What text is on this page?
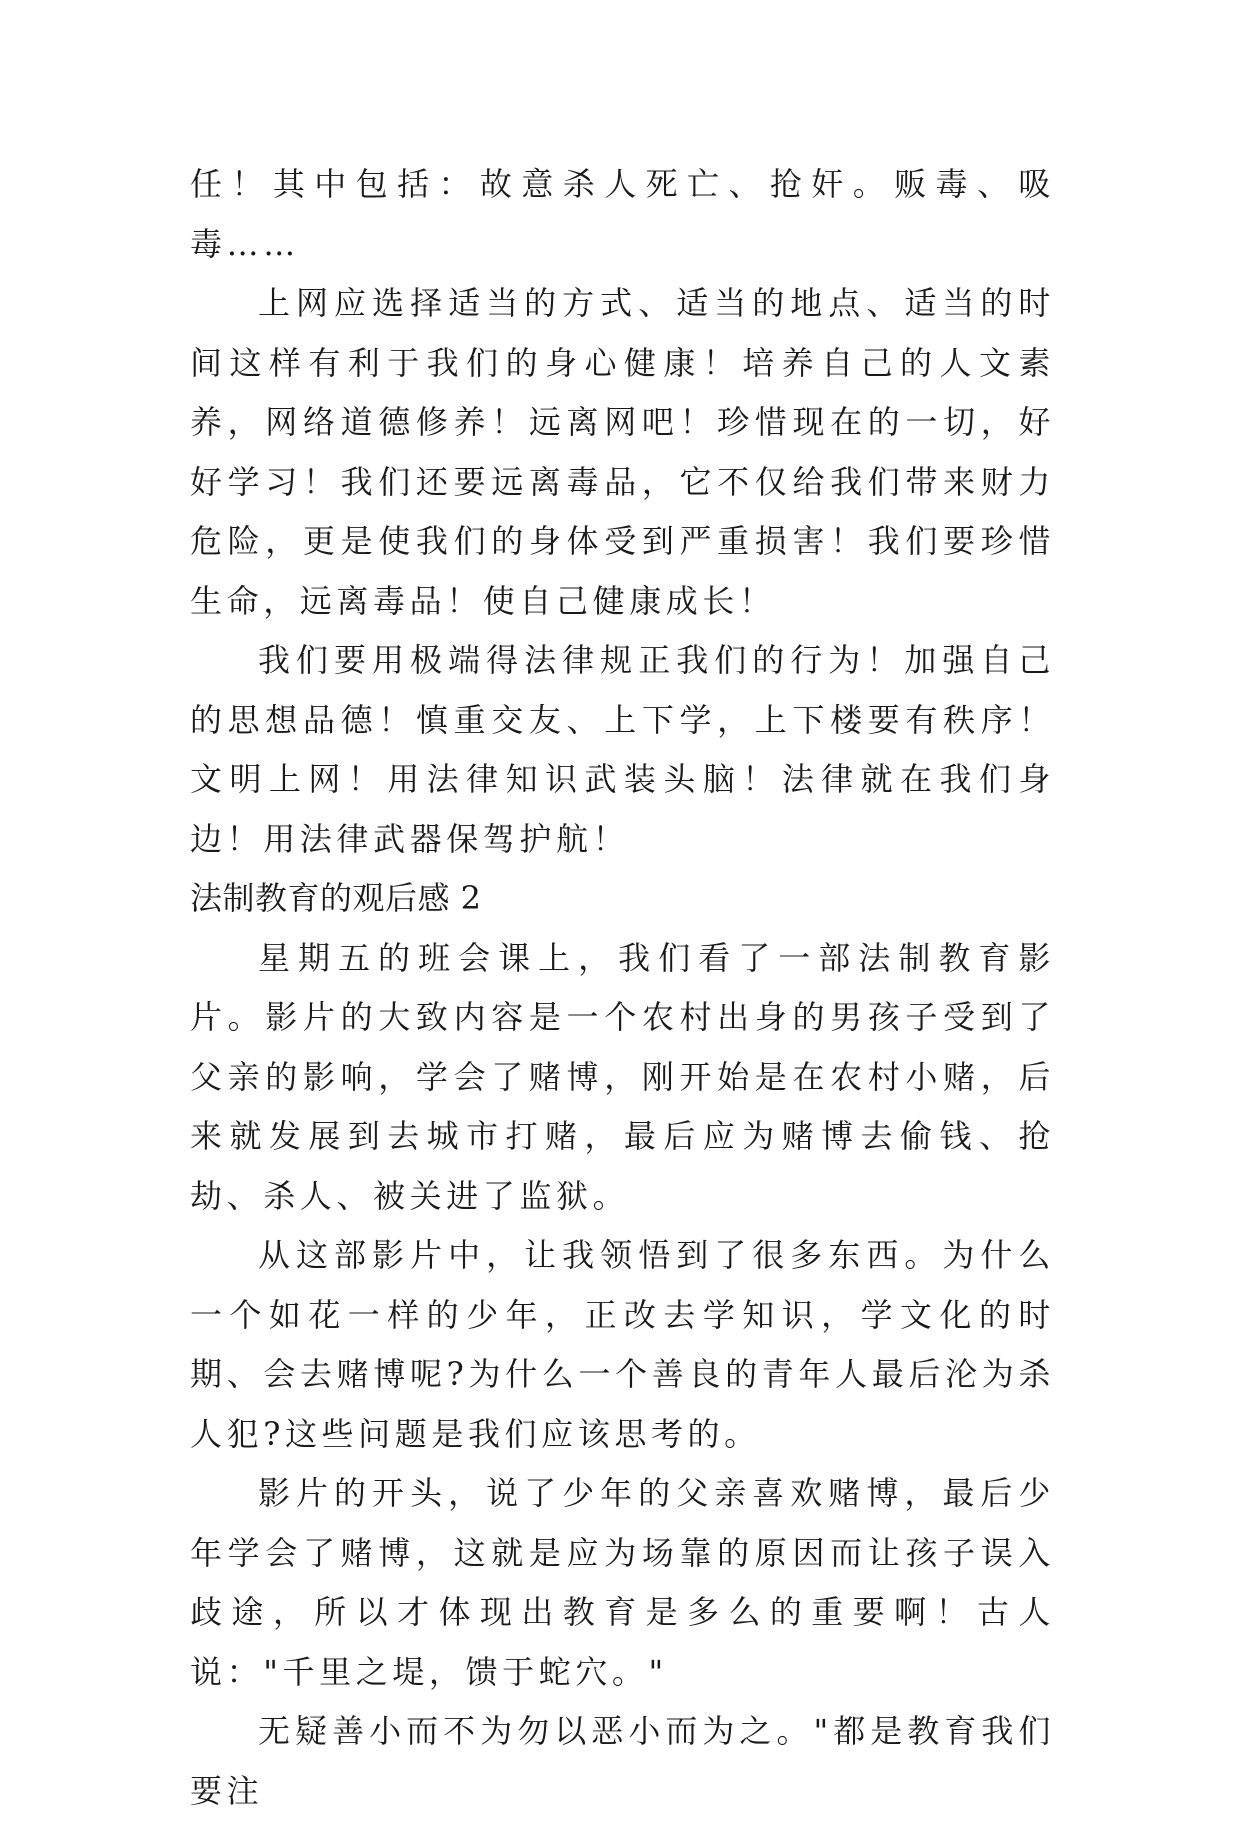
任！其中包括：故意杀人死亡、抢奸。贩毒、吸毒……

上网应选择适当的方式、适当的地点、适当的时间这样有利于我们的身心健康！培养自己的人文素养，网络道德修养！远离网吧！珍惜现在的一切，好好学习！我们还要远离毒品，它不仅给我们带来财力危险，更是使我们的身体受到严重损害！我们要珍惜生命，远离毒品！使自己健康成长！

我们要用极端得法律规正我们的行为！加强自己的思想品德！慎重交友、上下学，上下楼要有秩序！文明上网！用法律知识武装头脑！法律就在我们身边！用法律武器保驾护航！

法制教育的观后感 2

星期五的班会课上，我们看了一部法制教育影片。影片的大致内容是一个农村出身的男孩子受到了父亲的影响，学会了赌博，刚开始是在农村小赌，后来就发展到去城市打赌，最后应为赌博去偷钱、抢劫、杀人、被关进了监狱。

从这部影片中，让我领悟到了很多东西。为什么一个如花一样的少年，正改去学知识，学文化的时期、会去赌博呢?为什么一个善良的青年人最后沦为杀人犯?这些问题是我们应该思考的。

影片的开头，说了少年的父亲喜欢赌博，最后少年学会了赌博，这就是应为场靠的原因而让孩子误入歧途，所以才体现出教育是多么的重要啊！古人说："千里之堤，馈于蛇穴。"

无疑善小而不为勿以恶小而为之。"都是教育我们要注
